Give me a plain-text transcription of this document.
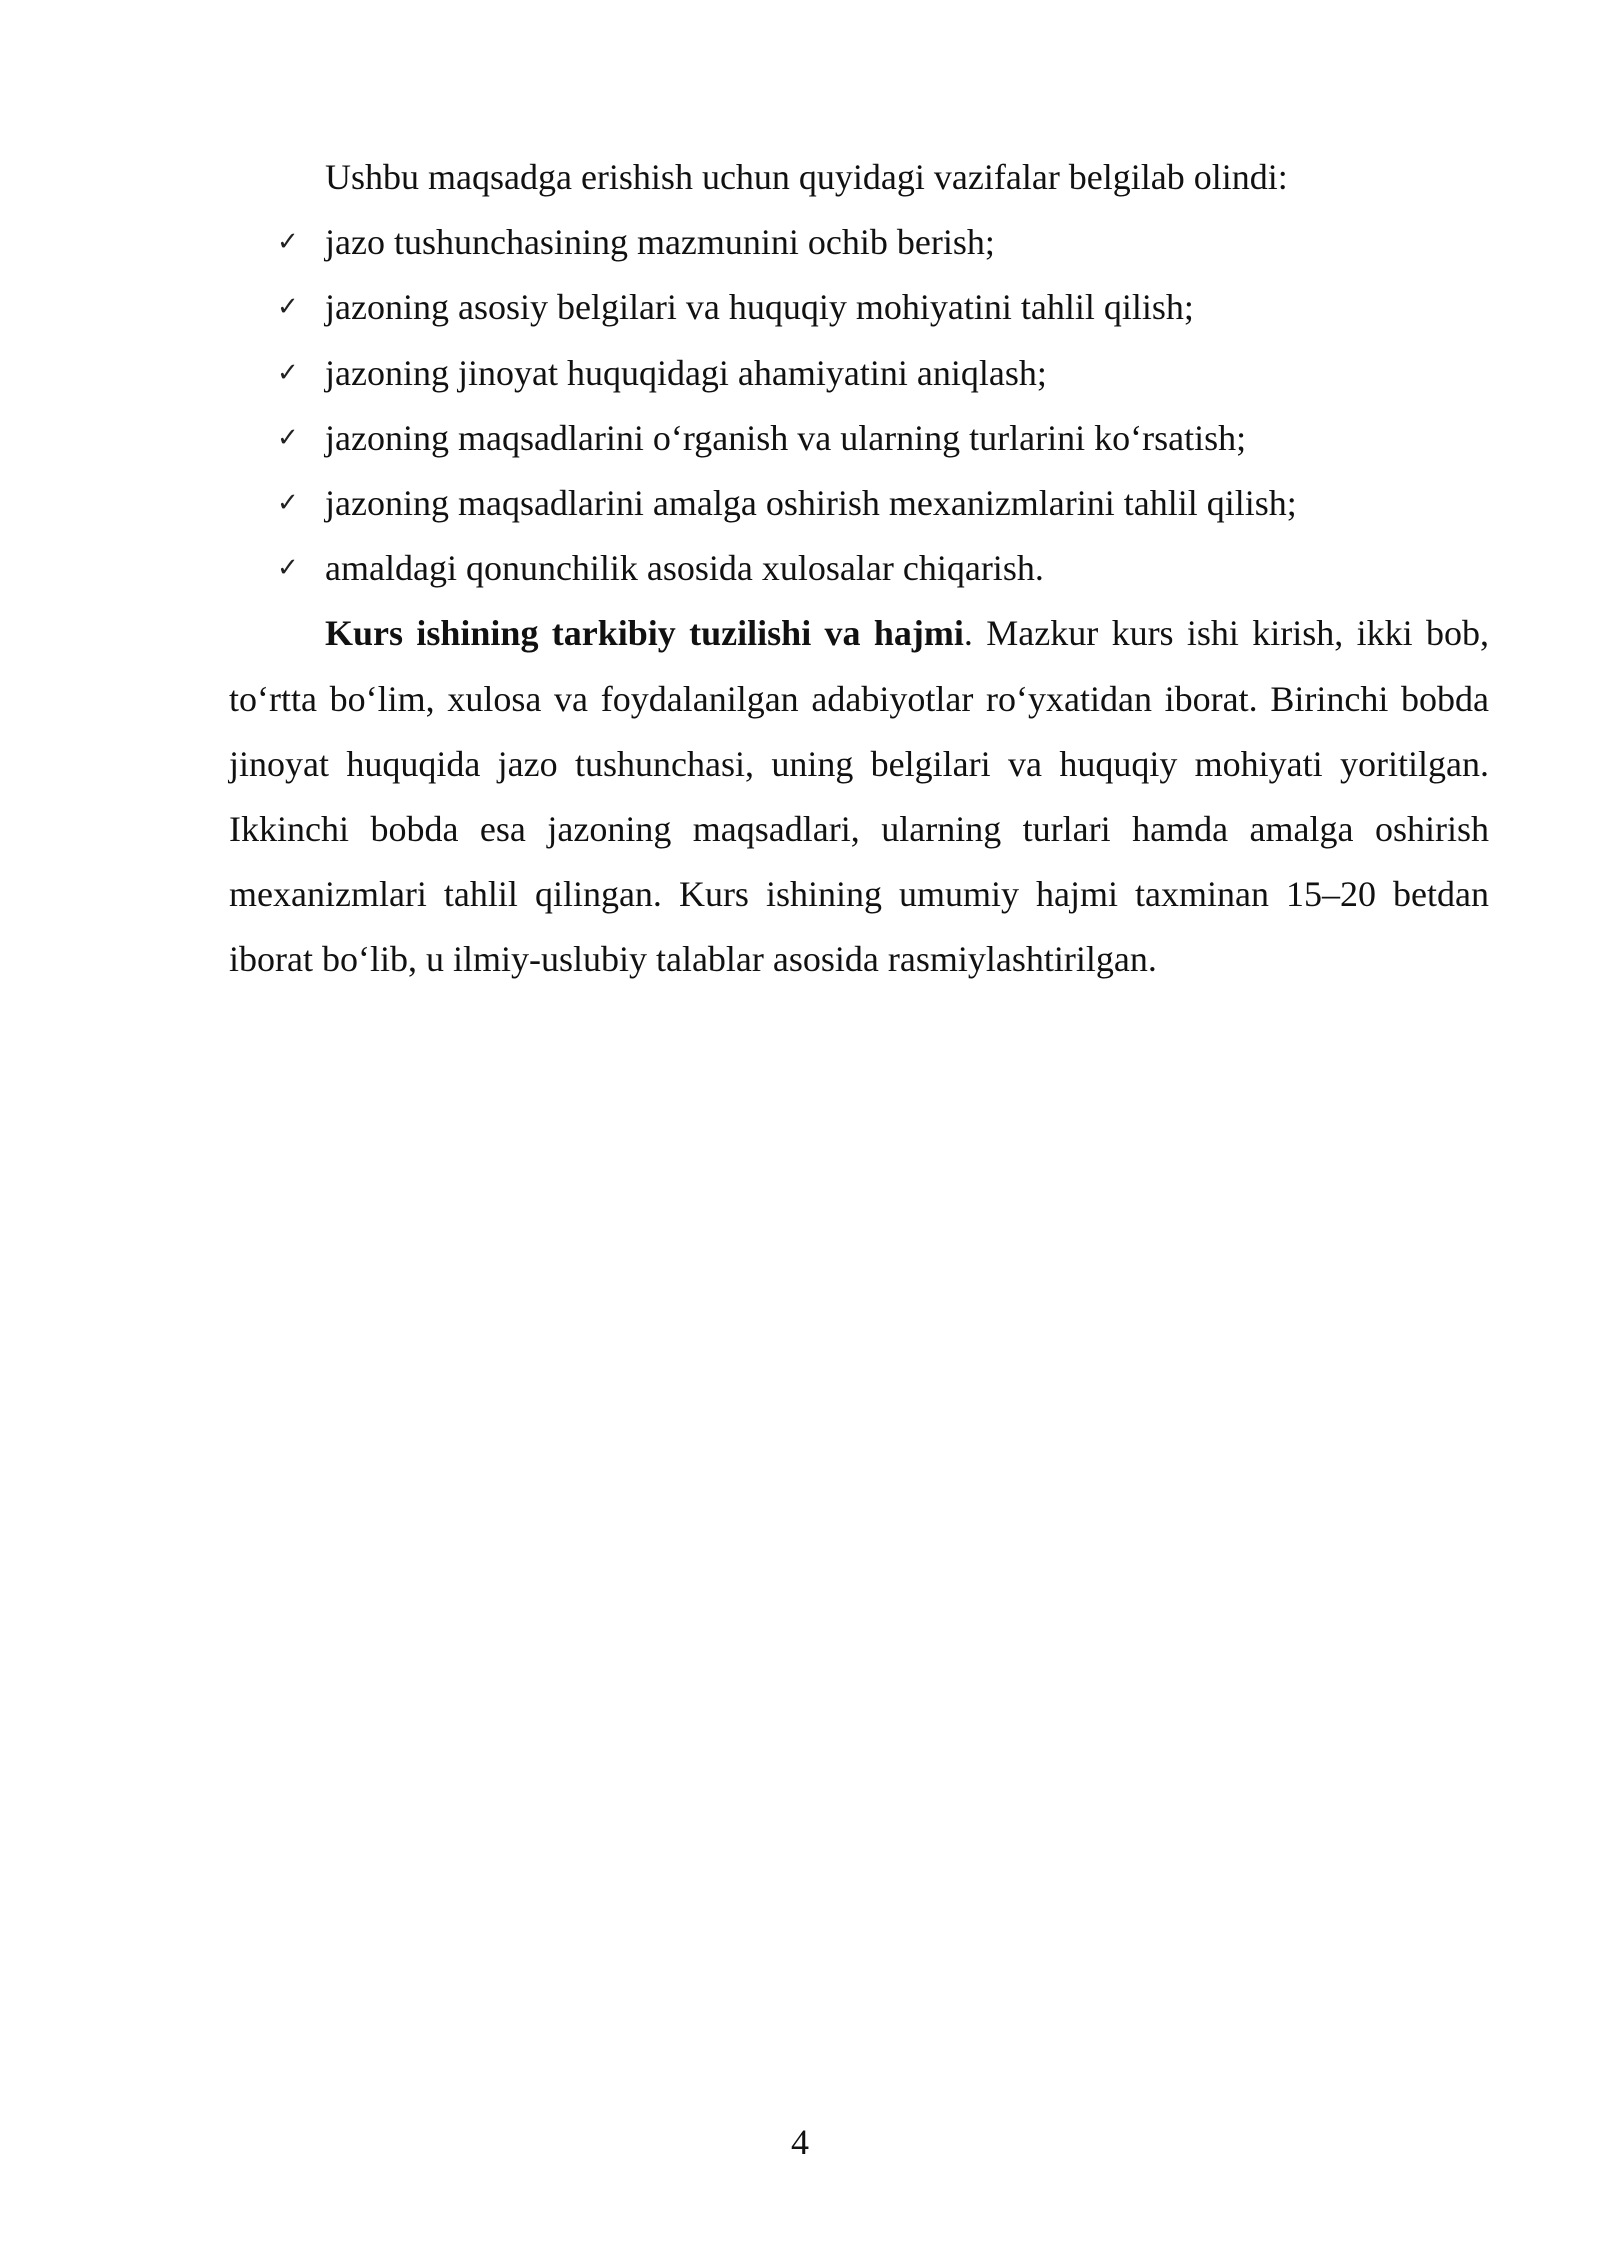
Ushbu maqsadga erishish uchun quyidagi vazifalar belgilab olindi:

✓ jazo tushunchasining mazmunini ochib berish;
✓ jazoning asosiy belgilari va huquqiy mohiyatini tahlil qilish;
✓ jazoning jinoyat huquqidagi ahamiyatini aniqlash;
✓ jazoning maqsadlarini o‘rganish va ularning turlarini ko‘rsatish;
✓ jazoning maqsadlarini amalga oshirish mexanizmlarini tahlil qilish;
✓ amaldagi qonunchilik asosida xulosalar chiqarish.

Kurs ishining tarkibiy tuzilishi va hajmi. Mazkur kurs ishi kirish, ikki bob, to‘rtta bo‘lim, xulosa va foydalanilgan adabiyotlar ro‘yxatidan iborat. Birinchi bobda jinoyat huquqida jazo tushunchasi, uning belgilari va huquqiy mohiyati yoritilgan. Ikkinchi bobda esa jazoning maqsadlari, ularning turlari hamda amalga oshirish mexanizmlari tahlil qilingan. Kurs ishining umumiy hajmi taxminan 15–20 betdan iborat bo‘lib, u ilmiy-uslubiy talablar asosida rasmiylashtirilgan.

4
